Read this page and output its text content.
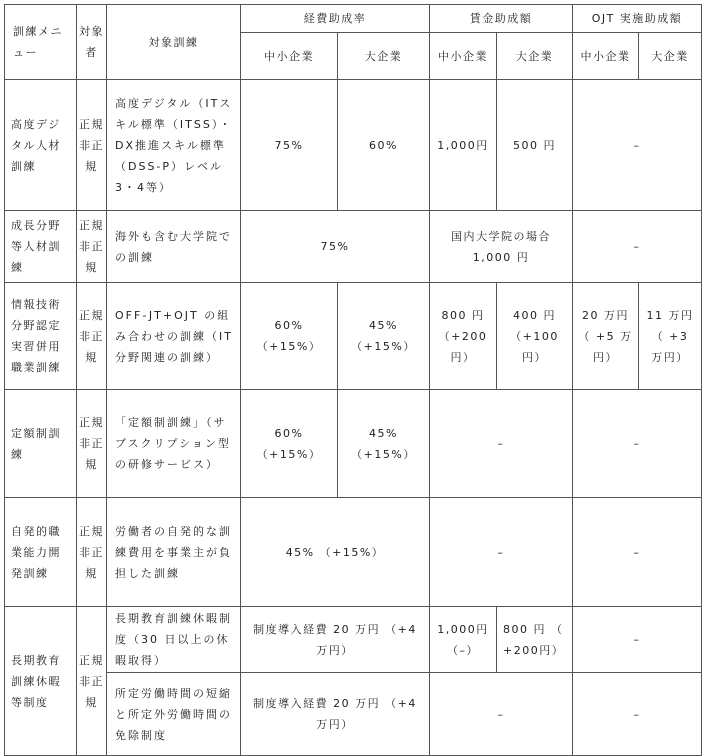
訓練メニュー	対象者	対象訓練	経費助成率		賃金助成額		OJT 実施助成額	
			中小企業	大企業	中小企業	大企業	中小企業	大企業
高度デジタル人材訓練	正規非正規	高度デジタル（ITスキル標準（ITSS）・DX推進スキル標準（DSS-P）レベル3・4等）	75%	60%	1,000円	500 円	–	
成長分野等人材訓練	正規非正規	海外も含む大学院での訓練	75%		国内大学院の場合 1,000 円		–	
情報技術分野認定実習併用職業訓練	正規非正規	OFF-JT+OJT の組み合わせの訓練（IT分野関連の訓練）	60% （+15%）	45% （+15%）	800 円 （+200円）	400 円 （+100円）	20 万円 （ +5 万円）	11 万円 （ +3 万円）
定額制訓練	正規非正規	「定額制訓練」（サブスクリプション型の研修サービス）	60% （+15%）	45% （+15%）	–		–	
自発的職業能力開発訓練	正規非正規	労働者の自発的な訓練費用を事業主が負担した訓練	45% （+15%）		–		–	
長期教育訓練休暇等制度	正規非正規	長期教育訓練休暇制度（30 日以上の休暇取得）	制度導入経費 20 万円 （+4 万円）		1,000円 （–）	800 円 （ +200円）	–	
		所定労働時間の短縮と所定外労働時間の免除制度	制度導入経費 20 万円 （+4 万円）		–		–	
